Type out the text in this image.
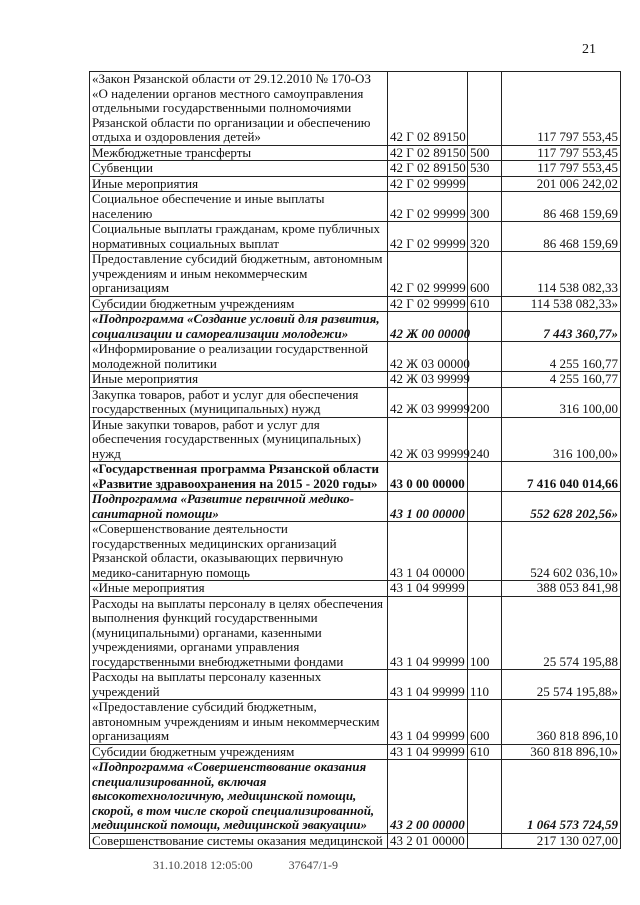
21
«Закон Рязанской области от 29.12.2010 № 170-ОЗ «О наделении органов местного самоуправления отдельными государственными полномочиями Рязанской области по организации и обеспечению отдыха и оздоровления детей»	42 Г 02 89150		117 797 553,45
Межбюджетные трансферты	42 Г 02 89150	500	117 797 553,45
Субвенции	42 Г 02 89150	530	117 797 553,45
Иные мероприятия	42 Г 02 99999		201 006 242,02
Социальное обеспечение и иные выплаты населению	42 Г 02 99999	300	86 468 159,69
Социальные выплаты гражданам, кроме публичных нормативных социальных выплат	42 Г 02 99999	320	86 468 159,69
Предоставление субсидий бюджетным, автономным учреждениям и иным некоммерческим организациям	42 Г 02 99999	600	114 538 082,33
Субсидии бюджетным учреждениям	42 Г 02 99999	610	114 538 082,33»
«Подпрограмма «Создание условий для развития, социализации и самореализации молодежи»	42 Ж 00 00000		7 443 360,77»
«Информирование о реализации государственной молодежной политики	42 Ж 03 00000		4 255 160,77
Иные мероприятия	42 Ж 03 99999		4 255 160,77
Закупка товаров, работ и услуг для обеспечения государственных (муниципальных) нужд	42 Ж 03 99999	200	316 100,00
Иные закупки товаров, работ и услуг для обеспечения государственных (муниципальных) нужд	42 Ж 03 99999	240	316 100,00»
«Государственная программа Рязанской области «Развитие здравоохранения на 2015 - 2020 годы»	43 0 00 00000		7 416 040 014,66
Подпрограмма «Развитие первичной медико-санитарной помощи»	43 1 00 00000		552 628 202,56»
«Совершенствование деятельности государственных медицинских организаций Рязанской области, оказывающих первичную медико-санитарную помощь	43 1 04 00000		524 602 036,10»
«Иные мероприятия	43 1 04 99999		388 053 841,98
Расходы на выплаты персоналу в целях обеспечения выполнения функций государственными (муниципальными) органами, казенными учреждениями, органами управления государственными внебюджетными фондами	43 1 04 99999	100	25 574 195,88
Расходы на выплаты персоналу казенных учреждений	43 1 04 99999	110	25 574 195,88»
«Предоставление субсидий бюджетным, автономным учреждениям и иным некоммерческим организациям	43 1 04 99999	600	360 818 896,10
Субсидии бюджетным учреждениям	43 1 04 99999	610	360 818 896,10»
«Подпрограмма «Совершенствование оказания специализированной, включая высокотехнологичную, медицинской помощи, скорой, в том числе скорой специализированной, медицинской помощи, медицинской эвакуации»	43 2 00 00000		1 064 573 724,59
Совершенствование системы оказания медицинской	43 2 01 00000		217 130 027,00
31.10.2018 12:05:00	37647/1-9
